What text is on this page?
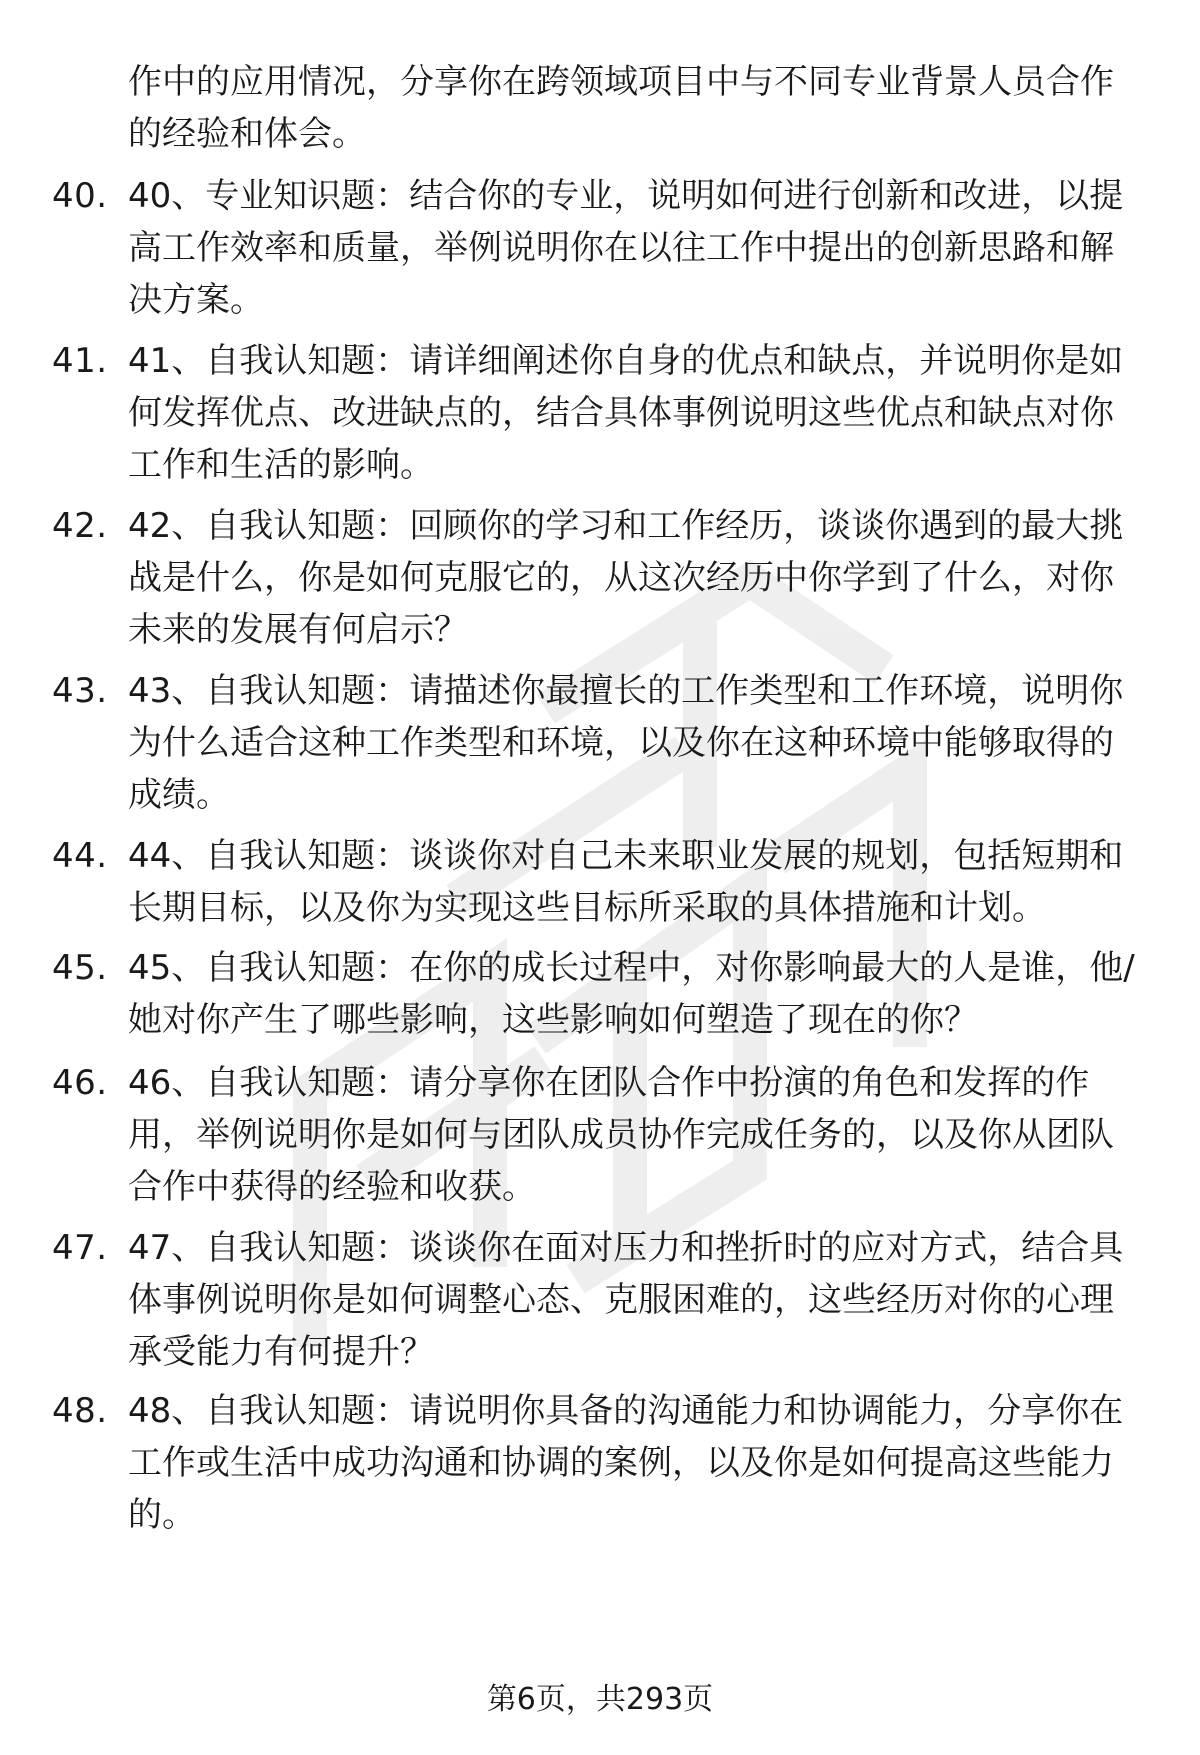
作中的应用情况，分享你在跨领域项目中与不同专业背景人员合作的经验和体会。
40. 40、专业知识题：结合你的专业，说明如何进行创新和改进，以提高工作效率和质量，举例说明你在以往工作中提出的创新思路和解决方案。
41. 41、自我认知题：请详细阐述你自身的优点和缺点，并说明你是如何发挥优点、改进缺点的，结合具体事例说明这些优点和缺点对你工作和生活的影响。
42. 42、自我认知题：回顾你的学习和工作经历，谈谈你遇到的最大挑战是什么，你是如何克服它的，从这次经历中你学到了什么，对你未来的发展有何启示？
43. 43、自我认知题：请描述你最擅长的工作类型和工作环境，说明你为什么适合这种工作类型和环境，以及你在这种环境中能够取得的成绩。
44. 44、自我认知题：谈谈你对自己未来职业发展的规划，包括短期和长期目标，以及你为实现这些目标所采取的具体措施和计划。
45. 45、自我认知题：在你的成长过程中，对你影响最大的人是谁，他/她对你产生了哪些影响，这些影响如何塑造了现在的你？
46. 46、自我认知题：请分享你在团队合作中扮演的角色和发挥的作用，举例说明你是如何与团队成员协作完成任务的，以及你从团队合作中获得的经验和收获。
47. 47、自我认知题：谈谈你在面对压力和挫折时的应对方式，结合具体事例说明你是如何调整心态、克服困难的，这些经历对你的心理承受能力有何提升？
48. 48、自我认知题：请说明你具备的沟通能力和协调能力，分享你在工作或生活中成功沟通和协调的案例，以及你是如何提高这些能力的。
第6页，共293页
